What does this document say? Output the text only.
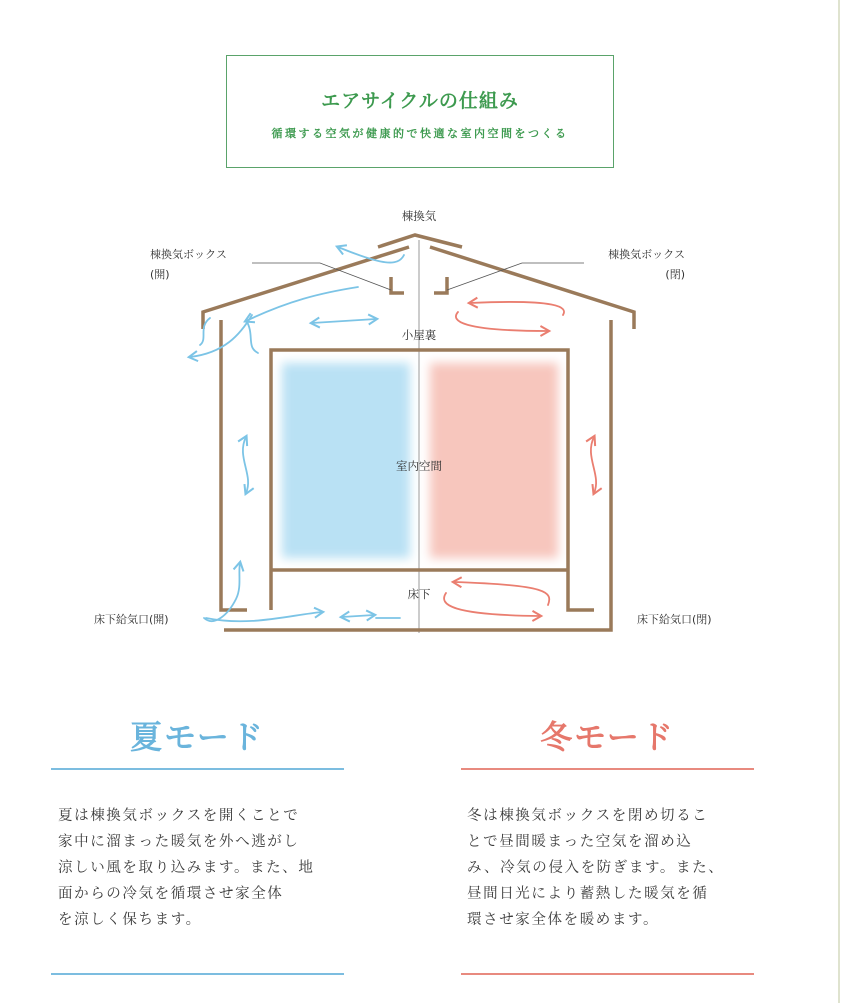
エアサイクルの仕組み
循環する空気が健康的で快適な室内空間をつくる
棟換気
棟換気ボックス
(開)
棟換気ボックス
(閉)
小屋裏
室内空間
床下
床下給気口(開)	床下給気口(閉)
夏モード
夏は棟換気ボックスを開くことで
家中に溜まった暖気を外へ逃がし
涼しい風を取り込みます。また、地
面からの冷気を循環させ家全体
を涼しく保ちます。
冬モード
冬は棟換気ボックスを閉め切るこ
とで昼間暖まった空気を溜め込
み、冷気の侵入を防ぎます。また、
昼間日光により蓄熱した暖気を循
環させ家全体を暖めます。
